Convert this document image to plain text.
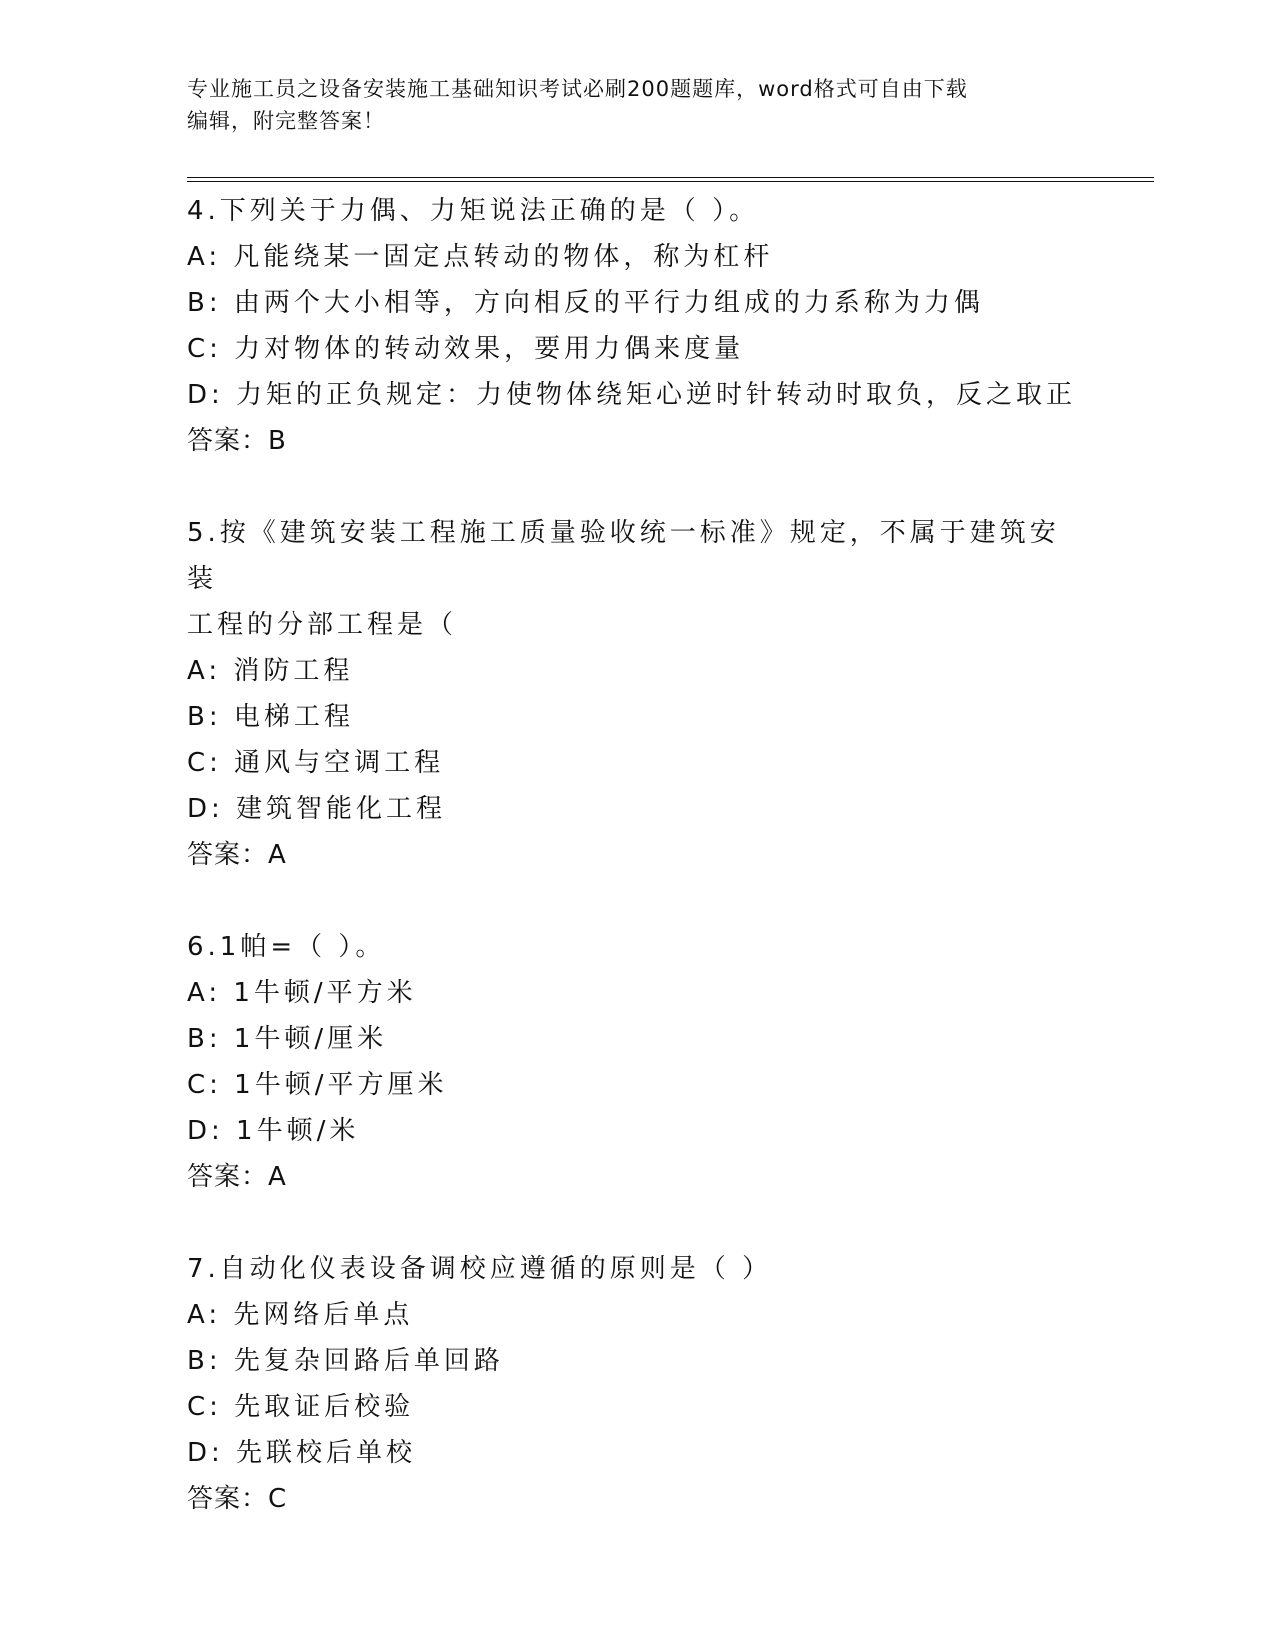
专业施工员之设备安装施工基础知识考试必刷200题题库，word格式可自由下载
编辑，附完整答案！
4.下列关于力偶、力矩说法正确的是（ ）。
A: 凡能绕某一固定点转动的物体，称为杠杆
B: 由两个大小相等，方向相反的平行力组成的力系称为力偶
C: 力对物体的转动效果，要用力偶来度量
D: 力矩的正负规定：力使物体绕矩心逆时针转动时取负，反之取正
答案：B
5.按《建筑安装工程施工质量验收统一标准》规定，不属于建筑安装
工程的分部工程是（
A: 消防工程
B: 电梯工程
C: 通风与空调工程
D: 建筑智能化工程
答案：A
6.1帕=（ ）。
A: 1牛顿/平方米
B: 1牛顿/厘米
C: 1牛顿/平方厘米
D: 1牛顿/米
答案：A
7.自动化仪表设备调校应遵循的原则是（ ）
A: 先网络后单点
B: 先复杂回路后单回路
C: 先取证后校验
D: 先联校后单校
答案：C
